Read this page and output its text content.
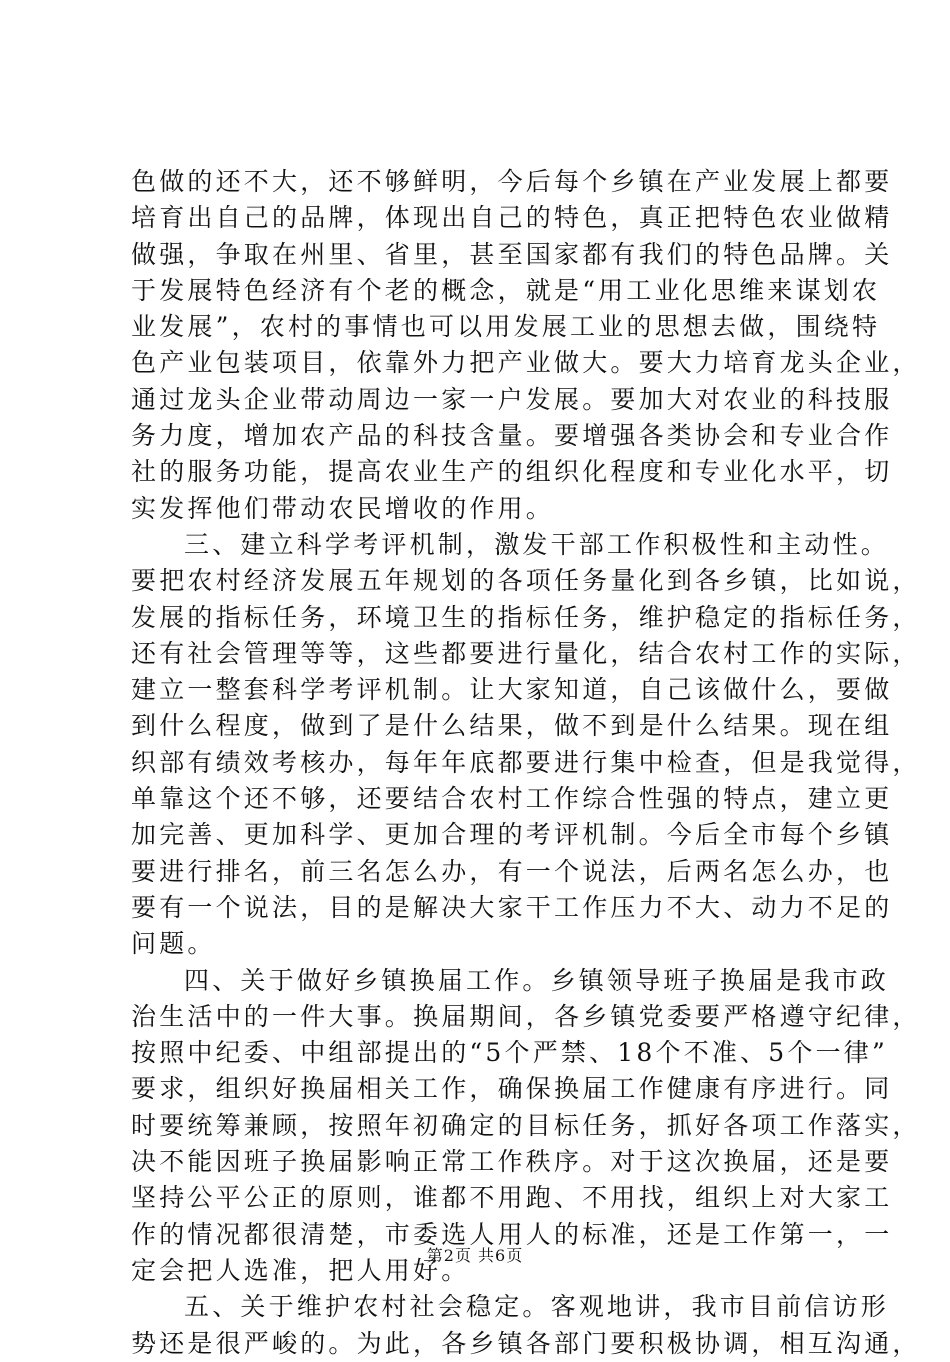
色做的还不大，还不够鲜明，今后每个乡镇在产业发展上都要
培育出自己的品牌，体现出自己的特色，真正把特色农业做精
做强，争取在州里、省里，甚至国家都有我们的特色品牌。关
于发展特色经济有个老的概念，就是“用工业化思维来谋划农
业发展”，农村的事情也可以用发展工业的思想去做，围绕特
色产业包装项目，依靠外力把产业做大。要大力培育龙头企业，
通过龙头企业带动周边一家一户发展。要加大对农业的科技服
务力度，增加农产品的科技含量。要增强各类协会和专业合作
社的服务功能，提高农业生产的组织化程度和专业化水平，切
实发挥他们带动农民增收的作用。
三、建立科学考评机制，激发干部工作积极性和主动性。
要把农村经济发展五年规划的各项任务量化到各乡镇，比如说，
发展的指标任务，环境卫生的指标任务，维护稳定的指标任务，
还有社会管理等等，这些都要进行量化，结合农村工作的实际，
建立一整套科学考评机制。让大家知道，自己该做什么，要做
到什么程度，做到了是什么结果，做不到是什么结果。现在组
织部有绩效考核办，每年年底都要进行集中检查，但是我觉得，
单靠这个还不够，还要结合农村工作综合性强的特点，建立更
加完善、更加科学、更加合理的考评机制。今后全市每个乡镇
要进行排名，前三名怎么办，有一个说法，后两名怎么办，也
要有一个说法，目的是解决大家干工作压力不大、动力不足的
问题。
四、关于做好乡镇换届工作。乡镇领导班子换届是我市政
治生活中的一件大事。换届期间，各乡镇党委要严格遵守纪律，
按照中纪委、中组部提出的“5个严禁、18个不准、5个一律”
要求，组织好换届相关工作，确保换届工作健康有序进行。同
时要统筹兼顾，按照年初确定的目标任务，抓好各项工作落实，
决不能因班子换届影响正常工作秩序。对于这次换届，还是要
坚持公平公正的原则，谁都不用跑、不用找，组织上对大家工
作的情况都很清楚，市委选人用人的标准，还是工作第一，一
定会把人选准，把人用好。
五、关于维护农村社会稳定。客观地讲，我市目前信访形
势还是很严峻的。为此，各乡镇各部门要积极协调，相互沟通，
第2页 共6页
